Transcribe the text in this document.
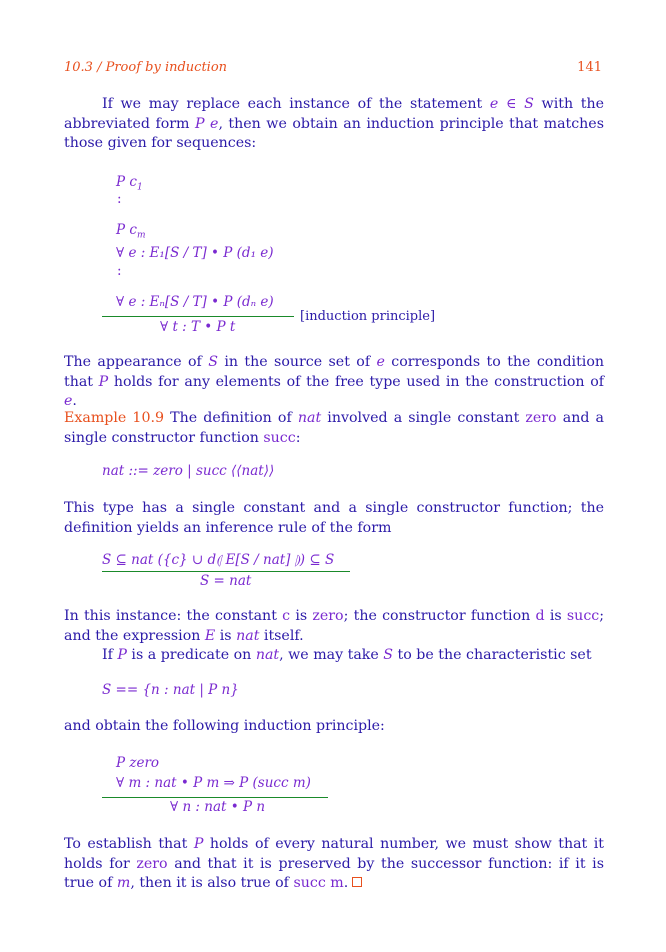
10.3 / Proof by induction	141
If we may replace each instance of the statement e ∈ S with the abbreviated form P e, then we obtain an induction principle that matches those given for sequences:
P $c_1$
:
P $c_m$
∀ e : E₁[S / T] • P (d₁ e)
:
∀ e : Eₙ[S / T] • P (dₙ e)
[induction principle]
∀ t : T • P t
The appearance of S in the source set of e corresponds to the condition that P holds for any elements of the free type used in the construction of e.
Example 10.9 The definition of nat involved a single constant zero and a single constructor function succ:
nat ::= zero | succ ⟨⟨nat⟩⟩
This type has a single constant and a single constructor function; the definition yields an inference rule of the form
S ⊆ nat ({c} ∪ d⦇ E[S / nat] ⦈) ⊆ S
S = nat
In this instance: the constant c is zero; the constructor function d is succ; and the expression E is nat itself.
If P is a predicate on nat, we may take S to be the characteristic set
S == {n : nat | P n}
and obtain the following induction principle:
P zero
∀ m : nat • P m ⇒ P (succ m)
∀ n : nat • P n
To establish that P holds of every natural number, we must show that it holds for zero and that it is preserved by the successor function: if it is true of m, then it is also true of succ m.
